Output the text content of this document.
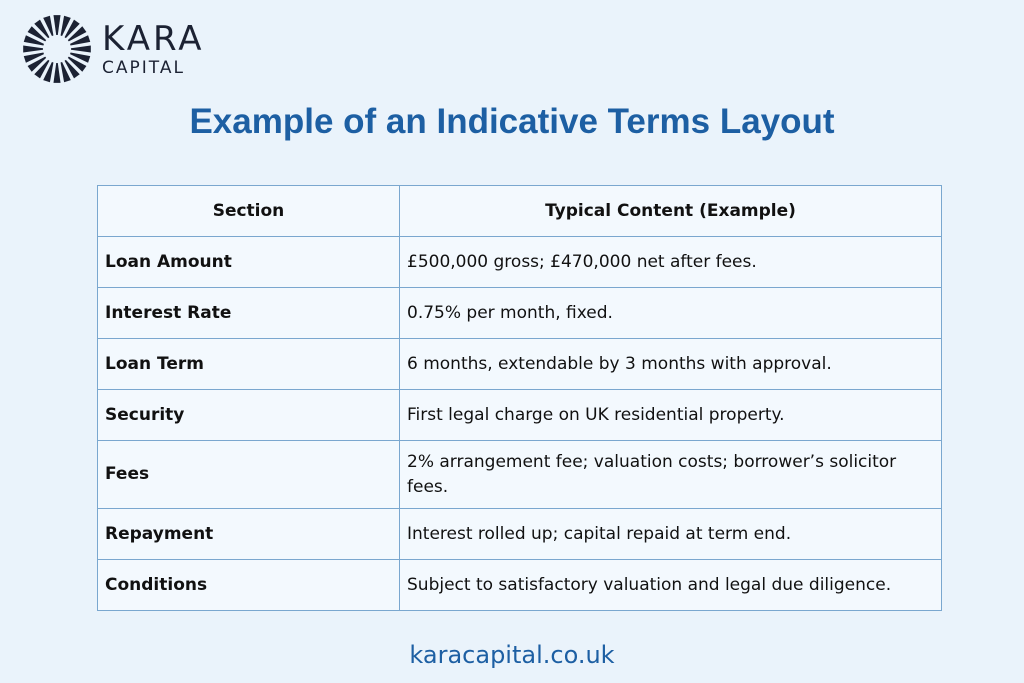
KARA
CAPITAL
Example of an Indicative Terms Layout
Section	Typical Content (Example)
Loan Amount	£500,000 gross; £470,000 net after fees.
Interest Rate	0.75% per month, fixed.
Loan Term	6 months, extendable by 3 months with approval.
Security	First legal charge on UK residential property.
Fees	2% arrangement fee; valuation costs; borrower’s solicitor fees.
Repayment	Interest rolled up; capital repaid at term end.
Conditions	Subject to satisfactory valuation and legal due diligence.
karacapital.co.uk
